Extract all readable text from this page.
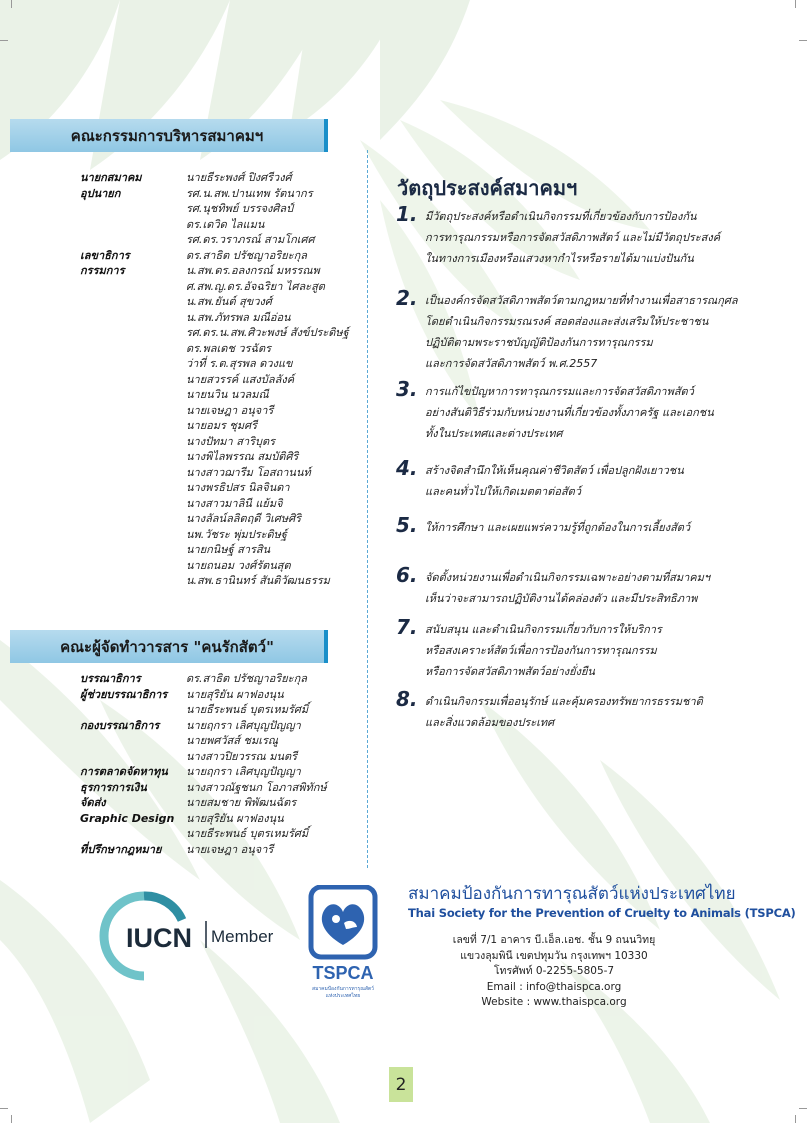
คณะกรรมการบริหารสมาคมฯ
นายกสมาคม
อุปนายก
เลขาธิการ
กรรมการ
นายธีระพงศ์ ปิงศรีวงศ์
รศ.น.สพ.ปานเทพ รัตนากร
รศ.นุชทิพย์ บรรจงศิลป์
ดร.เดวิด ไลแมน
รศ.ดร.วราภรณ์ สามโกเศศ
ดร.สาธิต ปรัชญาอริยะกุล
น.สพ.ดร.อลงกรณ์ มหรรณพ
ศ.สพ.ญ.ดร.อัจฉริยา ไศละสูต
น.สพ.ยันต์ สุขวงศ์
น.สพ.ภัทรพล มณีอ่อน
รศ.ดร.น.สพ.ศิวะพงษ์ สังข์ประดิษฐ์
ดร.พลเดช วรฉัตร
ว่าที่ ร.ต.สุรพล ดวงแข
นายสวรรค์ แสงบัลลังค์
นายนวิน นวลมณี
นายเจษฎา อนุจารี
นายอมร ชุมศรี
นางปัทมา สาริบุตร
นางพิไลพรรณ สมบัติศิริ
นางสาวฌารีม โอสถานนท์
นางพรธิปสร นิลจินดา
นางสาวมาลินี แย้มจิ
นางลัลน์ลลิตฤดี วิเศษศิริ
นพ.วัชระ พุ่มประดิษฐ์
นายกนิษฐ์ สารสิน
นายถนอม วงศ์รัตนสุต
น.สพ.ธานินทร์ สันติวัฒนธรรม
คณะผู้จัดทำวารสาร "คนรักสัตว์"
บรรณาธิการ
ผู้ช่วยบรรณาธิการ
กองบรรณาธิการ
การตลาดจัดหาทุน
ธุรการการเงิน
จัดส่ง
Graphic Design
ที่ปรึกษากฎหมาย
ดร.สาธิต ปรัชญาอริยะกุล
นายสุริยัน ผาฟองนุน
นายธีระพนธ์ บุตรเหมรัศมิ์
นายฤกรา เลิศบุญปัญญา
นายพศวัสส์ ชมเรณู
นางสาวปิยวรรณ มนตรี
นายฤกรา เลิศบุญปัญญา
นางสาวณัฐชนก โอภาสพิทักษ์
นายสมชาย พิพัฒนฉัตร
นายสุริยัน ผาฟองนุน
นายธีระพนธ์ บุตรเหมรัศมิ์
นายเจษฎา อนุจารี
วัตถุประสงค์สมาคมฯ
1. มีวัตถุประสงค์หรือดำเนินกิจกรรมที่เกี่ยวข้องกับการป้องกัน
การทารุณกรรมหรือการจัดสวัสดิภาพสัตว์ และไม่มีวัตถุประสงค์
ในทางการเมืองหรือแสวงหากำไรหรือรายได้มาแบ่งปันกัน
2. เป็นองค์กรจัดสวัสดิภาพสัตว์ตามกฎหมายที่ทำงานเพื่อสาธารณกุศล
โดยดำเนินกิจกรรมรณรงค์ สอดส่องและส่งเสริมให้ประชาชน
ปฏิบัติตามพระราชบัญญัติป้องกันการทารุณกรรม
และการจัดสวัสดิภาพสัตว์ พ.ศ.2557
3. การแก้ไขปัญหาการทารุณกรรมและการจัดสวัสดิภาพสัตว์
อย่างสันติวิธีร่วมกับหน่วยงานที่เกี่ยวข้องทั้งภาครัฐ และเอกชน
ทั้งในประเทศและต่างประเทศ
4. สร้างจิตสำนึกให้เห็นคุณค่าชีวิตสัตว์ เพื่อปลูกฝังเยาวชน
และคนทั่วไปให้เกิดเมตตาต่อสัตว์
5. ให้การศึกษา และเผยแพร่ความรู้ที่ถูกต้องในการเลี้ยงสัตว์
6. จัดตั้งหน่วยงานเพื่อดำเนินกิจกรรมเฉพาะอย่างตามที่สมาคมฯ
เห็นว่าจะสามารถปฏิบัติงานได้คล่องตัว และมีประสิทธิภาพ
7. สนับสนุน และดำเนินกิจกรรมเกี่ยวกับการให้บริการ
หรือสงเคราะห์สัตว์เพื่อการป้องกันการทารุณกรรม
หรือการจัดสวัสดิภาพสัตว์อย่างยั่งยืน
8. ดำเนินกิจกรรมเพื่ออนุรักษ์ และคุ้มครองทรัพยากรธรรมชาติ
และสิ่งแวดล้อมของประเทศ
IUCN Member
TSPCA
สมาคมป้องกันการทารุณสัตว์
แห่งประเทศไทย
สมาคมป้องกันการทารุณสัตว์แห่งประเทศไทย
Thai Society for the Prevention of Cruelty to Animals (TSPCA)
เลขที่ 7/1 อาคาร บี.เอ็ล.เอช. ชั้น 9 ถนนวิทยุ
แขวงลุมพินี เขตปทุมวัน กรุงเทพฯ 10330
โทรศัพท์ 0-2255-5805-7
Email : info@thaispca.org
Website : www.thaispca.org
2
